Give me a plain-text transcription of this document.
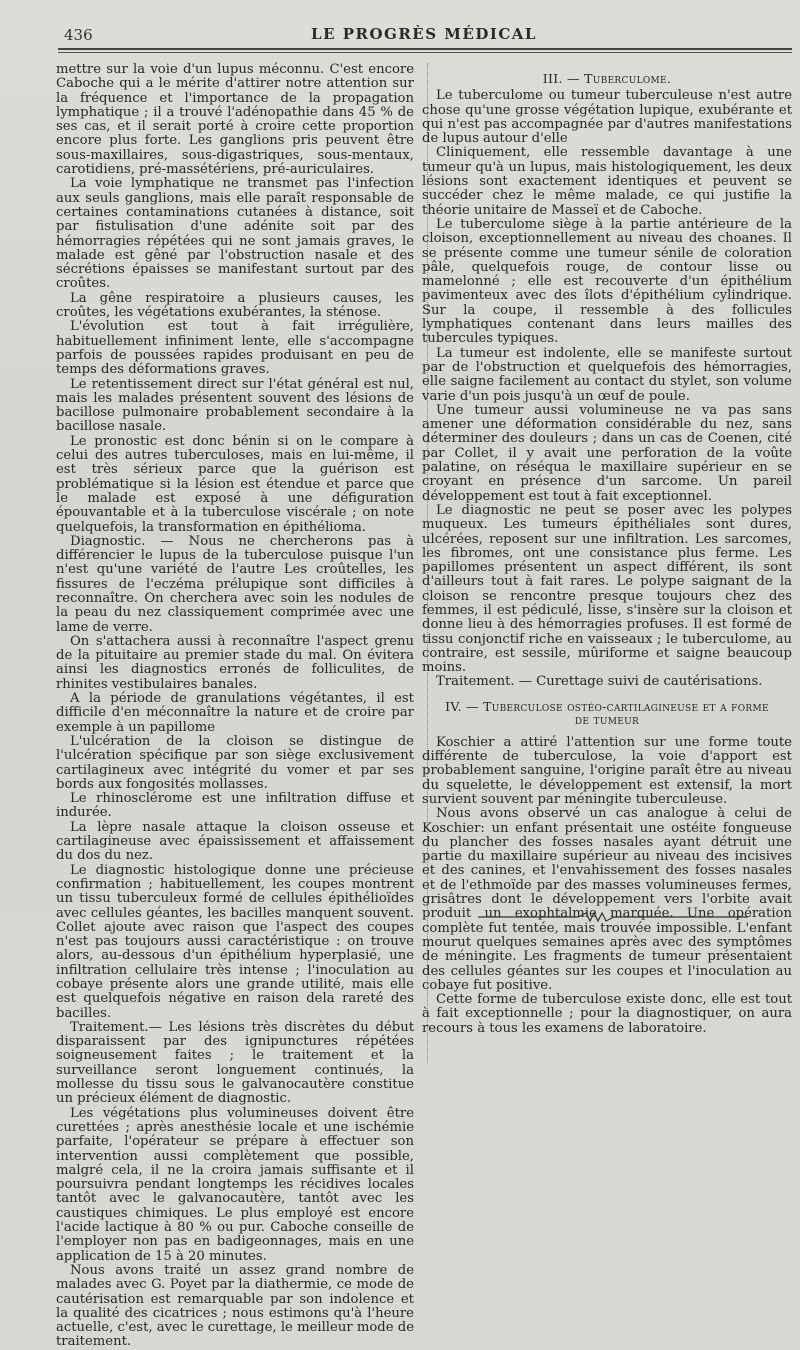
436	LE PROGRÈS MÉDICAL

mettre sur la voie d'un lupus méconnu. C'est encore Caboche qui a le mérite d'attirer notre attention sur la fréquence et l'importance de la propagation lymphatique ; il a trouvé l'adénopathie dans 45 % de ses cas, et il serait porté à croire cette proportion encore plus forte. Les ganglions pris peuvent être sous-maxillaires, sous-digastriques, sous-mentaux, carotidiens, pré-massétériens, pré-auriculaires.

La voie lymphatique ne transmet pas l'infection aux seuls ganglions, mais elle paraît responsable de certaines contaminations cutanées à distance, soit par fistulisation d'une adénite soit par des hémorragies répétées qui ne sont jamais graves, le malade est gêné par l'obstruction nasale et des sécrétions épaisses se manifestant surtout par des croûtes.

La gêne respiratoire a plusieurs causes, les croûtes, les végétations exubérantes, la sténose.

L'évolution est tout à fait irrégulière, habituellement infiniment lente, elle s'accompagne parfois de poussées rapides produisant en peu de temps des déformations graves.

Le retentissement direct sur l'état général est nul, mais les malades présentent souvent des lésions de bacillose pulmonaire probablement secondaire à la bacillose nasale.

Le pronostic est donc bénin si on le compare à celui des autres tuberculoses, mais en lui-même, il est très sérieux parce que la guérison est problématique si la lésion est étendue et parce que le malade est exposé à une défiguration épouvantable et à la tuberculose viscérale ; on note quelquefois, la transformation en épithélioma.

Diagnostic. — Nous ne chercherons pas à différencier le lupus de la tuberculose puisque l'un n'est qu'une variété de l'autre Les croûtelles, les fissures de l'eczéma prélupique sont difficiles à reconnaître. On cherchera avec soin les nodules de la peau du nez classiquement comprimée avec une lame de verre.

On s'attachera aussi à reconnaître l'aspect grenu de la pituitaire au premier stade du mal. On évitera ainsi les diagnostics erronés de folliculites, de rhinites vestibulaires banales.

A la période de granulations végétantes, il est difficile d'en méconnaître la nature et de croire par exemple à un papillome

L'ulcération de la cloison se distingue de l'ulcération spécifique par son siège exclusivement cartilagineux avec intégrité du vomer et par ses bords aux fongosités mollasses.

Le rhinosclérome est une infiltration diffuse et indurée.

La lèpre nasale attaque la cloison osseuse et cartilagineuse avec épaississement et affaissement du dos du nez.

Le diagnostic histologique donne une précieuse confirmation ; habituellement, les coupes montrent un tissu tuberculeux formé de cellules épithélioïdes avec cellules géantes, les bacilles manquent souvent. Collet ajoute avec raison que l'aspect des coupes n'est pas toujours aussi caractéristique : on trouve alors, au-dessous d'un épithélium hyperplasié, une infiltration cellulaire très intense ; l'inoculation au cobaye présente alors une grande utilité, mais elle est quelquefois négative en raison dela rareté des bacilles.

Traitement.— Les lésions très discrètes du début disparaissent par des ignipunctures répétées soigneusement faites ; le traitement et la surveillance seront longuement continués, la mollesse du tissu sous le galvanocautère constitue un précieux élément de diagnostic.

Les végétations plus volumineuses doivent être curettées ; après anesthésie locale et une ischémie parfaite, l'opérateur se prépare à effectuer son intervention aussi complètement que possible, malgré cela, il ne la croira jamais suffisante et il poursuivra pendant longtemps les récidives locales tantôt avec le galvanocautère, tantôt avec les caustiques chimiques. Le plus employé est encore l'acide lactique à 80 % ou pur. Caboche conseille de l'employer non pas en badigeonnages, mais en une application de 15 à 20 minutes.

Nous avons traité un assez grand nombre de malades avec G. Poyet par la diathermie, ce mode de cautérisation est remarquable par son indolence et la qualité des cicatrices ; nous estimons qu'à l'heure actuelle, c'est, avec le curettage, le meilleur mode de traitement.

III. — Tuberculome.

Le tuberculome ou tumeur tuberculeuse n'est autre chose qu'une grosse végétation lupique, exubérante et qui n'est pas accompagnée par d'autres manifestations de lupus autour d'elle

Cliniquement, elle ressemble davantage à une tumeur qu'à un lupus, mais histologiquement, les deux lésions sont exactement identiques et peuvent se succéder chez le même malade, ce qui justifie la théorie unitaire de Masseï et de Caboche.

Le tuberculome siège à la partie antérieure de la cloison, exceptionnellement au niveau des choanes. Il se présente comme une tumeur sénile de coloration pâle, quelquefois rouge, de contour lisse ou mamelonné ; elle est recouverte d'un épithélium pavimenteux avec des îlots d'épithélium cylindrique. Sur la coupe, il ressemble à des follicules lymphatiques contenant dans leurs mailles des tubercules typiques.

La tumeur est indolente, elle se manifeste surtout par de l'obstruction et quelquefois des hémorragies, elle saigne facilement au contact du stylet, son volume varie d'un pois jusqu'à un œuf de poule.

Une tumeur aussi volumineuse ne va pas sans amener une déformation considérable du nez, sans déterminer des douleurs ; dans un cas de Coenen, cité par Collet, il y avait une perforation de la voûte palatine, on réséqua le maxillaire supérieur en se croyant en présence d'un sarcome. Un pareil développement est tout à fait exceptionnel.

Le diagnostic ne peut se poser avec les polypes muqueux. Les tumeurs épithéliales sont dures, ulcérées, reposent sur une infiltration. Les sarcomes, les fibromes, ont une consistance plus ferme. Les papillomes présentent un aspect différent, ils sont d'ailleurs tout à fait rares. Le polype saignant de la cloison se rencontre presque toujours chez des femmes, il est pédiculé, lisse, s'insère sur la cloison et donne lieu à des hémorragies profuses. Il est formé de tissu conjonctif riche en vaisseaux ; le tuberculome, au contraire, est sessile, mûriforme et saigne beaucoup moins.

Traitement. — Curettage suivi de cautérisations.

IV. — Tuberculose ostéo-cartilagineuse et a forme
de tumeur

Koschier a attiré l'attention sur une forme toute différente de tuberculose, la voie d'apport est probablement sanguine, l'origine paraît être au niveau du squelette, le développement est extensif, la mort survient souvent par méningite tuberculeuse.

Nous avons observé un cas analogue à celui de Koschier: un enfant présentait une ostéite fongueuse du plancher des fosses nasales ayant détruit une partie du maxillaire supérieur au niveau des incisives et des canines, et l'envahissement des fosses nasales et de l'ethmoïde par des masses volumineuses fermes, grisâtres dont le développement vers l'orbite avait produit un exophtalmie marquée. Une opération complète fut tentée, mais trouvée impossible. L'enfant mourut quelques semaines après avec des symptômes de méningite. Les fragments de tumeur présentaient des cellules géantes sur les coupes et l'inoculation au cobaye fut positive.

Cette forme de tuberculose existe donc, elle est tout à fait exceptionnelle ; pour la diagnostiquer, on aura recours à tous les examens de laboratoire.
